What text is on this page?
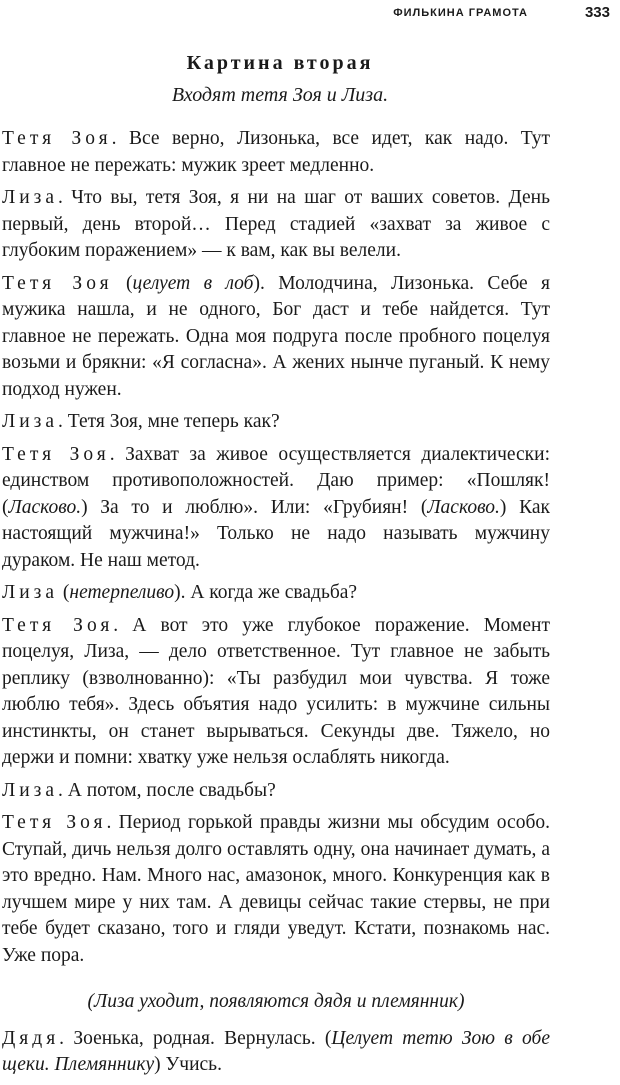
ФИЛЬКИНА ГРАМОТА	333
Картина вторая
Входят тетя Зоя и Лиза.

Тетя Зоя. Все верно, Лизонька, все идет, как надо. Тут главное не пережать: мужик зреет медленно.

Лиза. Что вы, тетя Зоя, я ни на шаг от ваших советов. День первый, день второй… Перед стадией «захват за живое с глубоким поражением» — к вам, как вы велели.

Тетя Зоя (целует в лоб). Молодчина, Лизонька. Себе я мужика нашла, и не одного, Бог даст и тебе найдется. Тут главное не пережать. Одна моя подруга после пробного поцелуя возьми и брякни: «Я согласна». А жених нынче пуганый. К нему подход нужен.

Лиза. Тетя Зоя, мне теперь как?

Тетя Зоя. Захват за живое осуществляется диалектически: единством противоположностей. Даю пример: «Пошляк! (Ласково.) За то и люблю». Или: «Грубиян! (Ласково.) Как настоящий мужчина!» Только не надо называть мужчину дураком. Не наш метод.

Лиза (нетерпеливо). А когда же свадьба?

Тетя Зоя. А вот это уже глубокое поражение. Момент поцелуя, Лиза, — дело ответственное. Тут главное не забыть реплику (взволнованно): «Ты разбудил мои чувства. Я тоже люблю тебя». Здесь объятия надо усилить: в мужчине сильны инстинкты, он станет вырываться. Секунды две. Тяжело, но держи и помни: хватку уже нельзя ослаблять никогда.

Лиза. А потом, после свадьбы?

Тетя Зоя. Период горькой правды жизни мы обсудим особо. Ступай, дичь нельзя долго оставлять одну, она начинает думать, а это вредно. Нам. Много нас, амазонок, много. Конкуренция как в лучшем мире у них там. А девицы сейчас такие стервы, не при тебе будет сказано, того и гляди уведут. Кстати, познакомь нас. Уже пора.

(Лиза уходит, появляются дядя и племянник)

Дядя. Зоенька, родная. Вернулась. (Целует тетю Зою в обе щеки. Племяннику) Учись.
